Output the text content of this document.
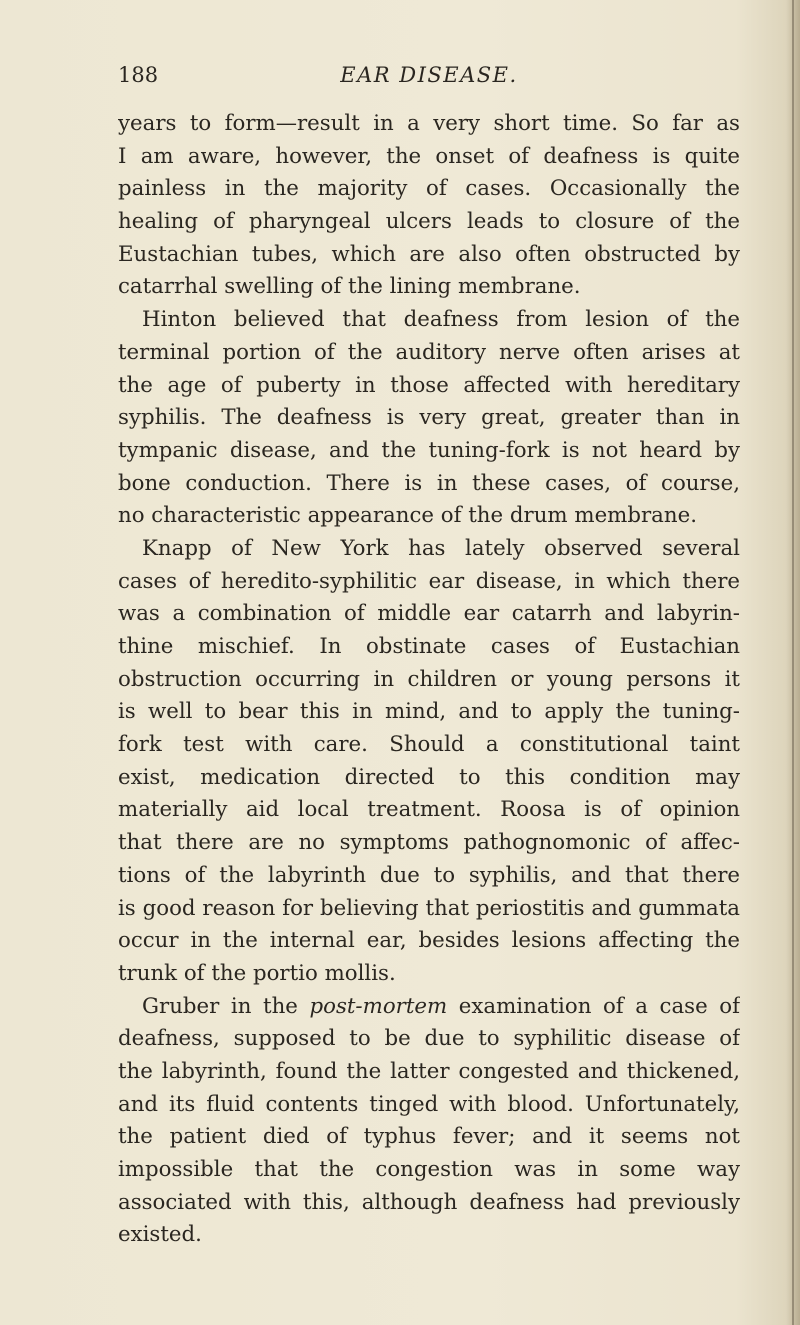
188	EAR DISEASE.
years to form—result in a very short time. So far as
I am aware, however, the onset of deafness is quite
painless in the majority of cases. Occasionally the
healing of pharyngeal ulcers leads to closure of the
Eustachian tubes, which are also often obstructed by
catarrhal swelling of the lining membrane.
Hinton believed that deafness from lesion of the
terminal portion of the auditory nerve often arises at
the age of puberty in those affected with hereditary
syphilis. The deafness is very great, greater than in
tympanic disease, and the tuning-fork is not heard by
bone conduction. There is in these cases, of course,
no characteristic appearance of the drum membrane.
Knapp of New York has lately observed several
cases of heredito-syphilitic ear disease, in which there
was a combination of middle ear catarrh and labyrin-
thine mischief. In obstinate cases of Eustachian
obstruction occurring in children or young persons it
is well to bear this in mind, and to apply the tuning-
fork test with care. Should a constitutional taint
exist, medication directed to this condition may
materially aid local treatment. Roosa is of opinion
that there are no symptoms pathognomonic of affec-
tions of the labyrinth due to syphilis, and that there
is good reason for believing that periostitis and gummata
occur in the internal ear, besides lesions affecting the
trunk of the portio mollis.
Gruber in the post-mortem examination of a case of
deafness, supposed to be due to syphilitic disease of
the labyrinth, found the latter congested and thickened,
and its fluid contents tinged with blood. Unfortunately,
the patient died of typhus fever; and it seems not
impossible that the congestion was in some way
associated with this, although deafness had previously
existed.
